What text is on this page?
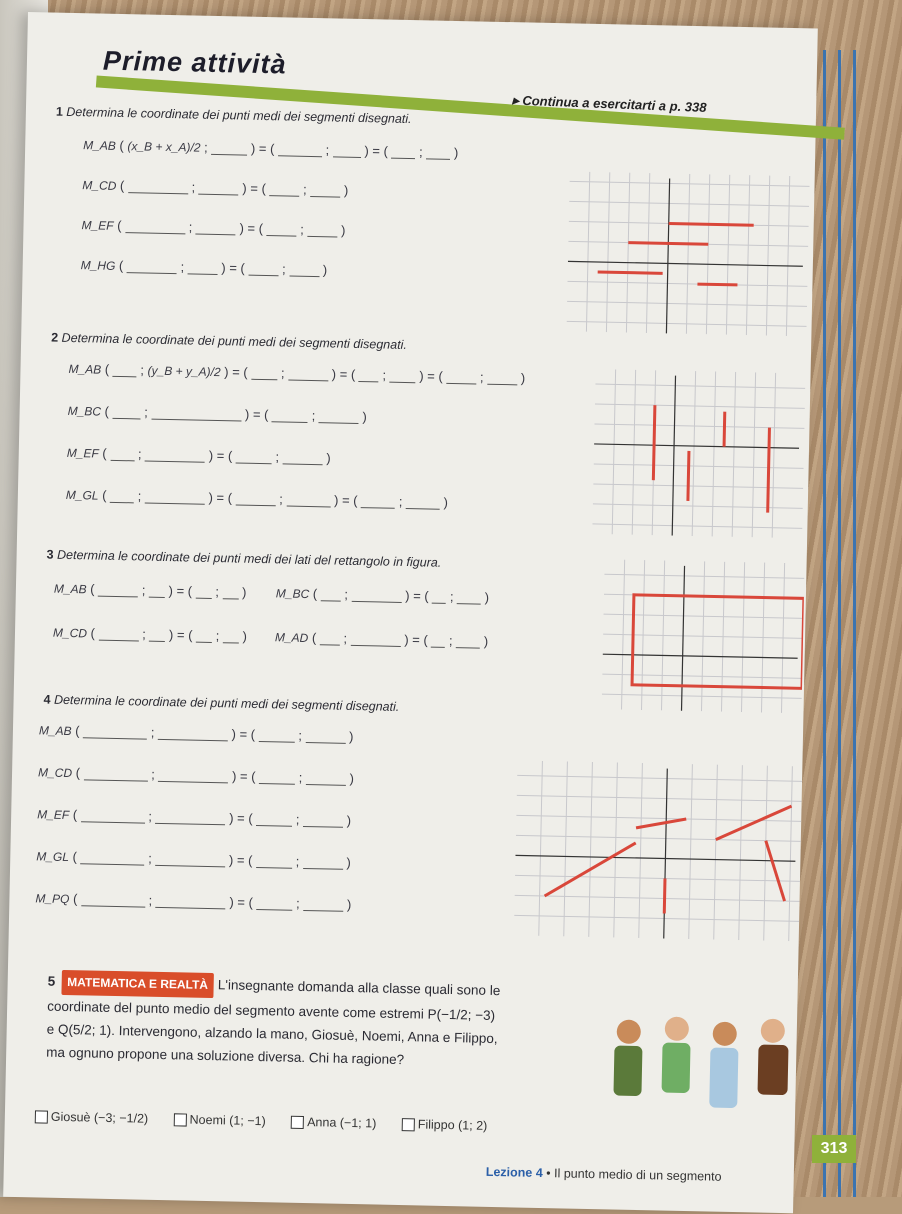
Prime attività
▸ Continua a esercitarti a p. 338
1 Determina le coordinate dei punti medi dei segmenti disegnati.
M_AB ( (x_B + x_A)/2 ;	) = (	;  ) = (  ;  )
M_CD (	;	) = (  ;  )
M_EF (	;	) = (  ;  )
M_HG (	;  ) = (  ;  )
2 Determina le coordinate dei punti medi dei segmenti disegnati.
M_AB (  ; (y_B + y_A)/2 ) = (  ;	) = (  ;  ) = (  ;  )
M_BC (  ;	) = (	;	)
M_EF (  ;	) = (	;	)
M_GL (  ;	) = (	;	) = (	;	)
3 Determina le coordinate dei punti medi dei lati del rettangolo in figura.
M_AB (	;  ) = (  ;  ) M_BC (  ;	) = (  ;  )
M_CD (	;  ) = (  ;  ) M_AD (  ;	) = (  ;  )
4 Determina le coordinate dei punti medi dei segmenti disegnati.
M_AB (	;	) = (	;	)
M_CD (	;	) = (	;	)
M_EF (	;	) = (	;	)
M_GL (	;	) = (	;	)
M_PQ (	;	) = (	;	)
5 MATEMATICA E REALTÀ L'insegnante domanda alla classe quali sono le
coordinate del punto medio del segmento avente come estremi P(−1/2; −3)
e Q(5/2; 1). Intervengono, alzando la mano, Giosuè, Noemi, Anna e Filippo,
ma ognuno propone una soluzione diversa. Chi ha ragione?
Giosuè (−3; −1/2)	Noemi (1; −1)	Anna (−1; 1)	Filippo (1; 2)
Lezione 4 • Il punto medio di un segmento
313
